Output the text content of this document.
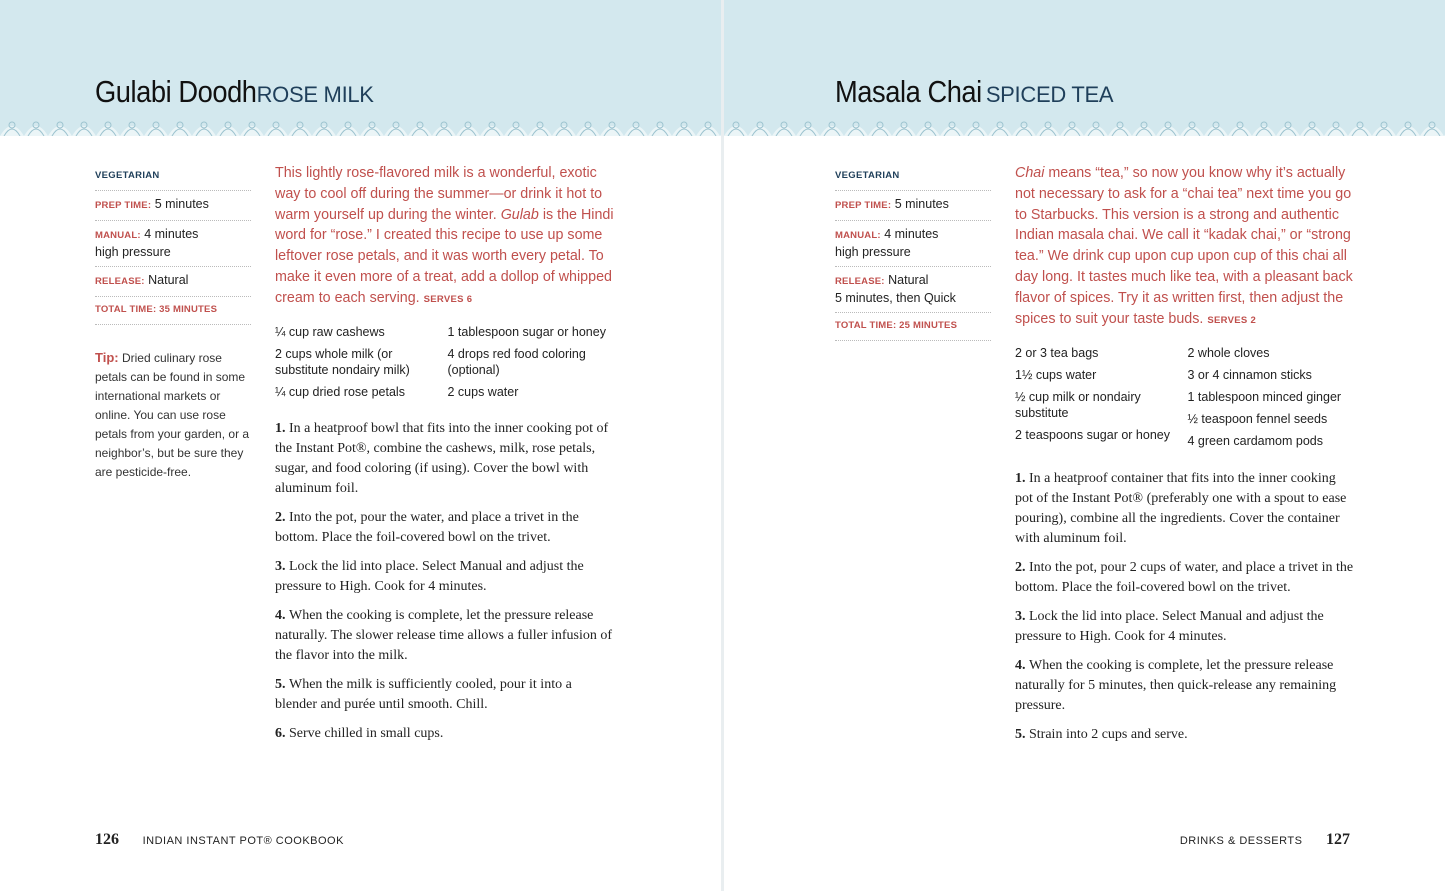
Gulabi DoodhROSE MILK
VEGETARIAN
PREP TIME: 5 minutes
MANUAL: 4 minutes
high pressure
RELEASE: Natural
TOTAL TIME: 35 MINUTES
Tip: Dried culinary rose petals can be found in some international markets or online. You can use rose petals from your garden, or a neighbor’s, but be sure they are pesticide-free.
This lightly rose-flavored milk is a wonderful, exotic way to cool off during the summer—or drink it hot to warm yourself up during the winter. Gulab is the Hindi word for “rose.” I created this recipe to use up some leftover rose petals, and it was worth every petal. To make it even more of a treat, add a dollop of whipped cream to each serving. SERVES 6
¼ cup raw cashews
2 cups whole milk (or substitute nondairy milk)
¼ cup dried rose petals
1 tablespoon sugar or honey
4 drops red food coloring (optional)
2 cups water
1. In a heatproof bowl that fits into the inner cooking pot of the Instant Pot®, combine the cashews, milk, rose petals, sugar, and food coloring (if using). Cover the bowl with aluminum foil.
2. Into the pot, pour the water, and place a trivet in the bottom. Place the foil-covered bowl on the trivet.
3. Lock the lid into place. Select Manual and adjust the pressure to High. Cook for 4 minutes.
4. When the cooking is complete, let the pressure release naturally. The slower release time allows a fuller infusion of the flavor into the milk.
5. When the milk is sufficiently cooled, pour it into a blender and purée until smooth. Chill.
6. Serve chilled in small cups.
126 INDIAN INSTANT POT® COOKBOOK
Masala Chai SPICED TEA
VEGETARIAN
PREP TIME: 5 minutes
MANUAL: 4 minutes
high pressure
RELEASE: Natural
5 minutes, then Quick
TOTAL TIME: 25 MINUTES
Chai means “tea,” so now you know why it’s actually not necessary to ask for a “chai tea” next time you go to Starbucks. This version is a strong and authentic Indian masala chai. We call it “kadak chai,” or “strong tea.” We drink cup upon cup upon cup of this chai all day long. It tastes much like tea, with a pleasant back flavor of spices. Try it as written first, then adjust the spices to suit your taste buds. SERVES 2
2 or 3 tea bags
1½ cups water
½ cup milk or nondairy substitute
2 teaspoons sugar or honey
2 whole cloves
3 or 4 cinnamon sticks
1 tablespoon minced ginger
½ teaspoon fennel seeds
4 green cardamom pods
1. In a heatproof container that fits into the inner cooking pot of the Instant Pot® (preferably one with a spout to ease pouring), combine all the ingredients. Cover the container with aluminum foil.
2. Into the pot, pour 2 cups of water, and place a trivet in the bottom. Place the foil-covered bowl on the trivet.
3. Lock the lid into place. Select Manual and adjust the pressure to High. Cook for 4 minutes.
4. When the cooking is complete, let the pressure release naturally for 5 minutes, then quick-release any remaining pressure.
5. Strain into 2 cups and serve.
DRINKS & DESSERTS 127
